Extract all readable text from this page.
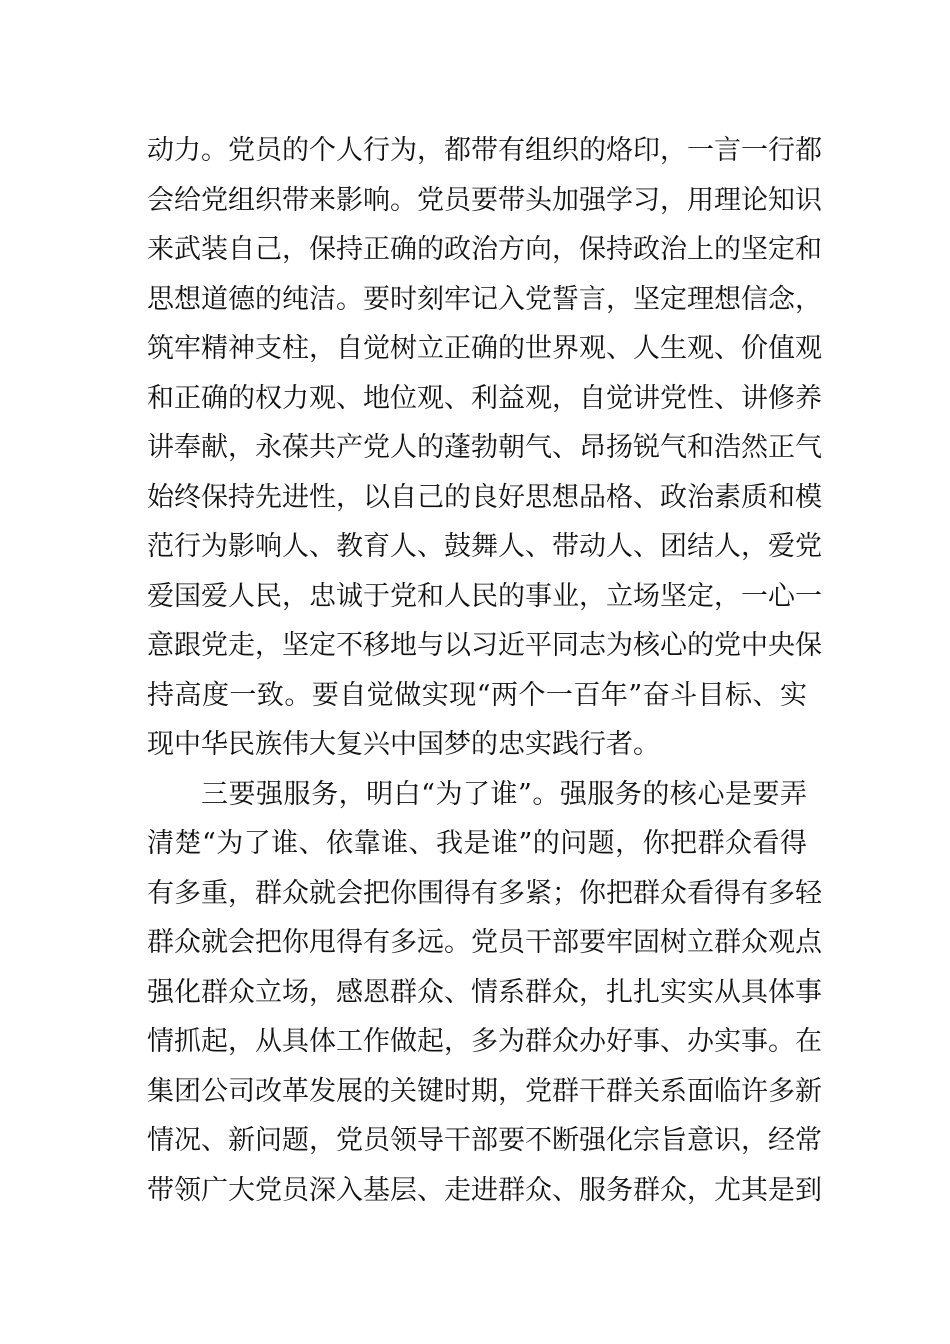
动力。党员的个人行为，都带有组织的烙印，一言一行都
会给党组织带来影响。党员要带头加强学习，用理论知识
来武装自己，保持正确的政治方向，保持政治上的坚定和
思想道德的纯洁。要时刻牢记入党誓言，坚定理想信念，
筑牢精神支柱，自觉树立正确的世界观、人生观、价值观
和正确的权力观、地位观、利益观，自觉讲党性、讲修养
讲奉献，永葆共产党人的蓬勃朝气、昂扬锐气和浩然正气
始终保持先进性，以自己的良好思想品格、政治素质和模
范行为影响人、教育人、鼓舞人、带动人、团结人，爱党
爱国爱人民，忠诚于党和人民的事业，立场坚定，一心一
意跟党走，坚定不移地与以习近平同志为核心的党中央保
持高度一致。要自觉做实现“两个一百年”奋斗目标、实
现中华民族伟大复兴中国梦的忠实践行者。
三要强服务，明白“为了谁”。强服务的核心是要弄
清楚“为了谁、依靠谁、我是谁”的问题，你把群众看得
有多重，群众就会把你围得有多紧；你把群众看得有多轻
群众就会把你甩得有多远。党员干部要牢固树立群众观点
强化群众立场，感恩群众、情系群众，扎扎实实从具体事
情抓起，从具体工作做起，多为群众办好事、办实事。在
集团公司改革发展的关键时期，党群干群关系面临许多新
情况、新问题，党员领导干部要不断强化宗旨意识，经常
带领广大党员深入基层、走进群众、服务群众，尤其是到
